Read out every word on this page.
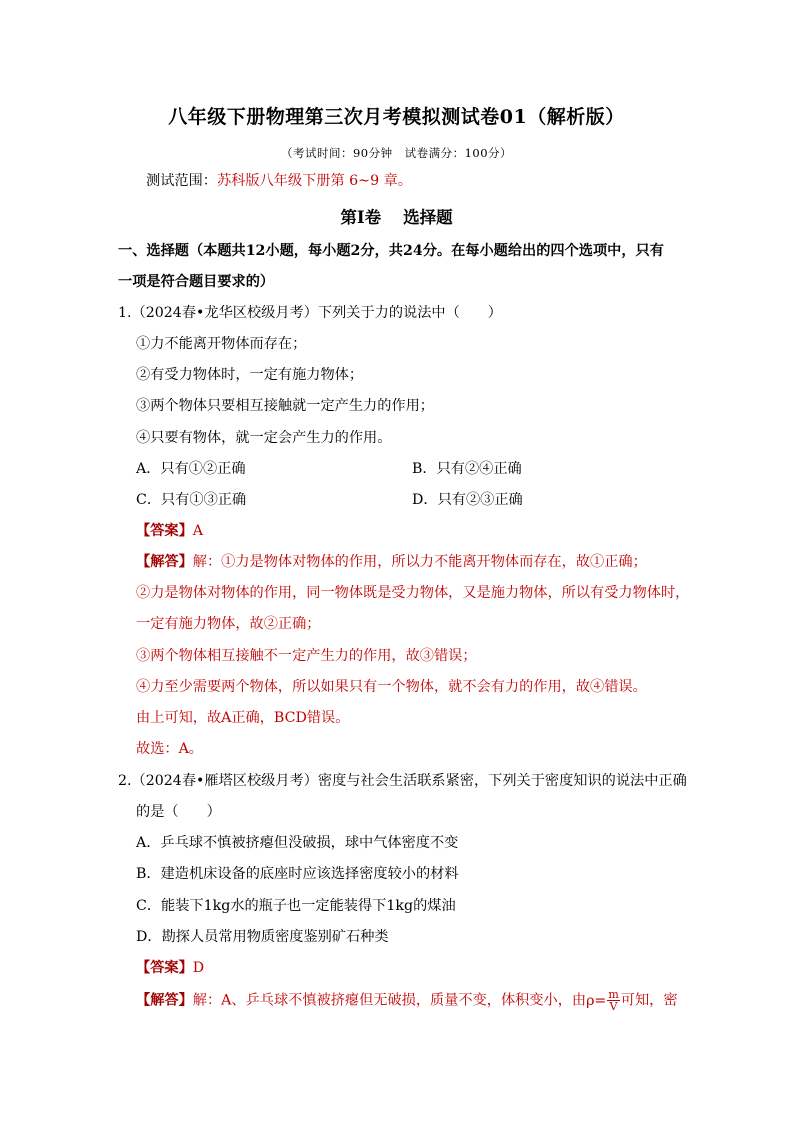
八年级下册物理第三次月考模拟测试卷01（解析版）
（考试时间：90分钟　试卷满分：100分）
测试范围：苏科版八年级下册第 6~9 章。
第Ⅰ卷 选择题
一、选择题（本题共12小题，每小题2分，共24分。在每小题给出的四个选项中，只有
一项是符合题目要求的）
1.（2024春•龙华区校级月考）下列关于力的说法中（ ）
①力不能离开物体而存在；
②有受力物体时，一定有施力物体；
③两个物体只要相互接触就一定产生力的作用；
④只要有物体，就一定会产生力的作用。
A．只有①②正确	B．只有②④正确
C．只有①③正确	D．只有②③正确
【答案】A
【解答】解：①力是物体对物体的作用，所以力不能离开物体而存在，故①正确；
②力是物体对物体的作用，同一物体既是受力物体，又是施力物体，所以有受力物体时，
一定有施力物体，故②正确；
③两个物体相互接触不一定产生力的作用，故③错误；
④力至少需要两个物体，所以如果只有一个物体，就不会有力的作用，故④错误。
由上可知，故A正确，BCD错误。
故选：A。
2.（2024春•雁塔区校级月考）密度与社会生活联系紧密，下列关于密度知识的说法中正确
的是（ ）
A．乒乓球不慎被挤瘪但没破损，球中气体密度不变
B．建造机床设备的底座时应该选择密度较小的材料
C．能装下1kg水的瓶子也一定能装得下1kg的煤油
D．勘探人员常用物质密度鉴别矿石种类
【答案】D
【解答】解：A、乒乓球不慎被挤瘪但无破损，质量不变，体积变小，由$\rho= \frac{m}{V}$ 可知，密
